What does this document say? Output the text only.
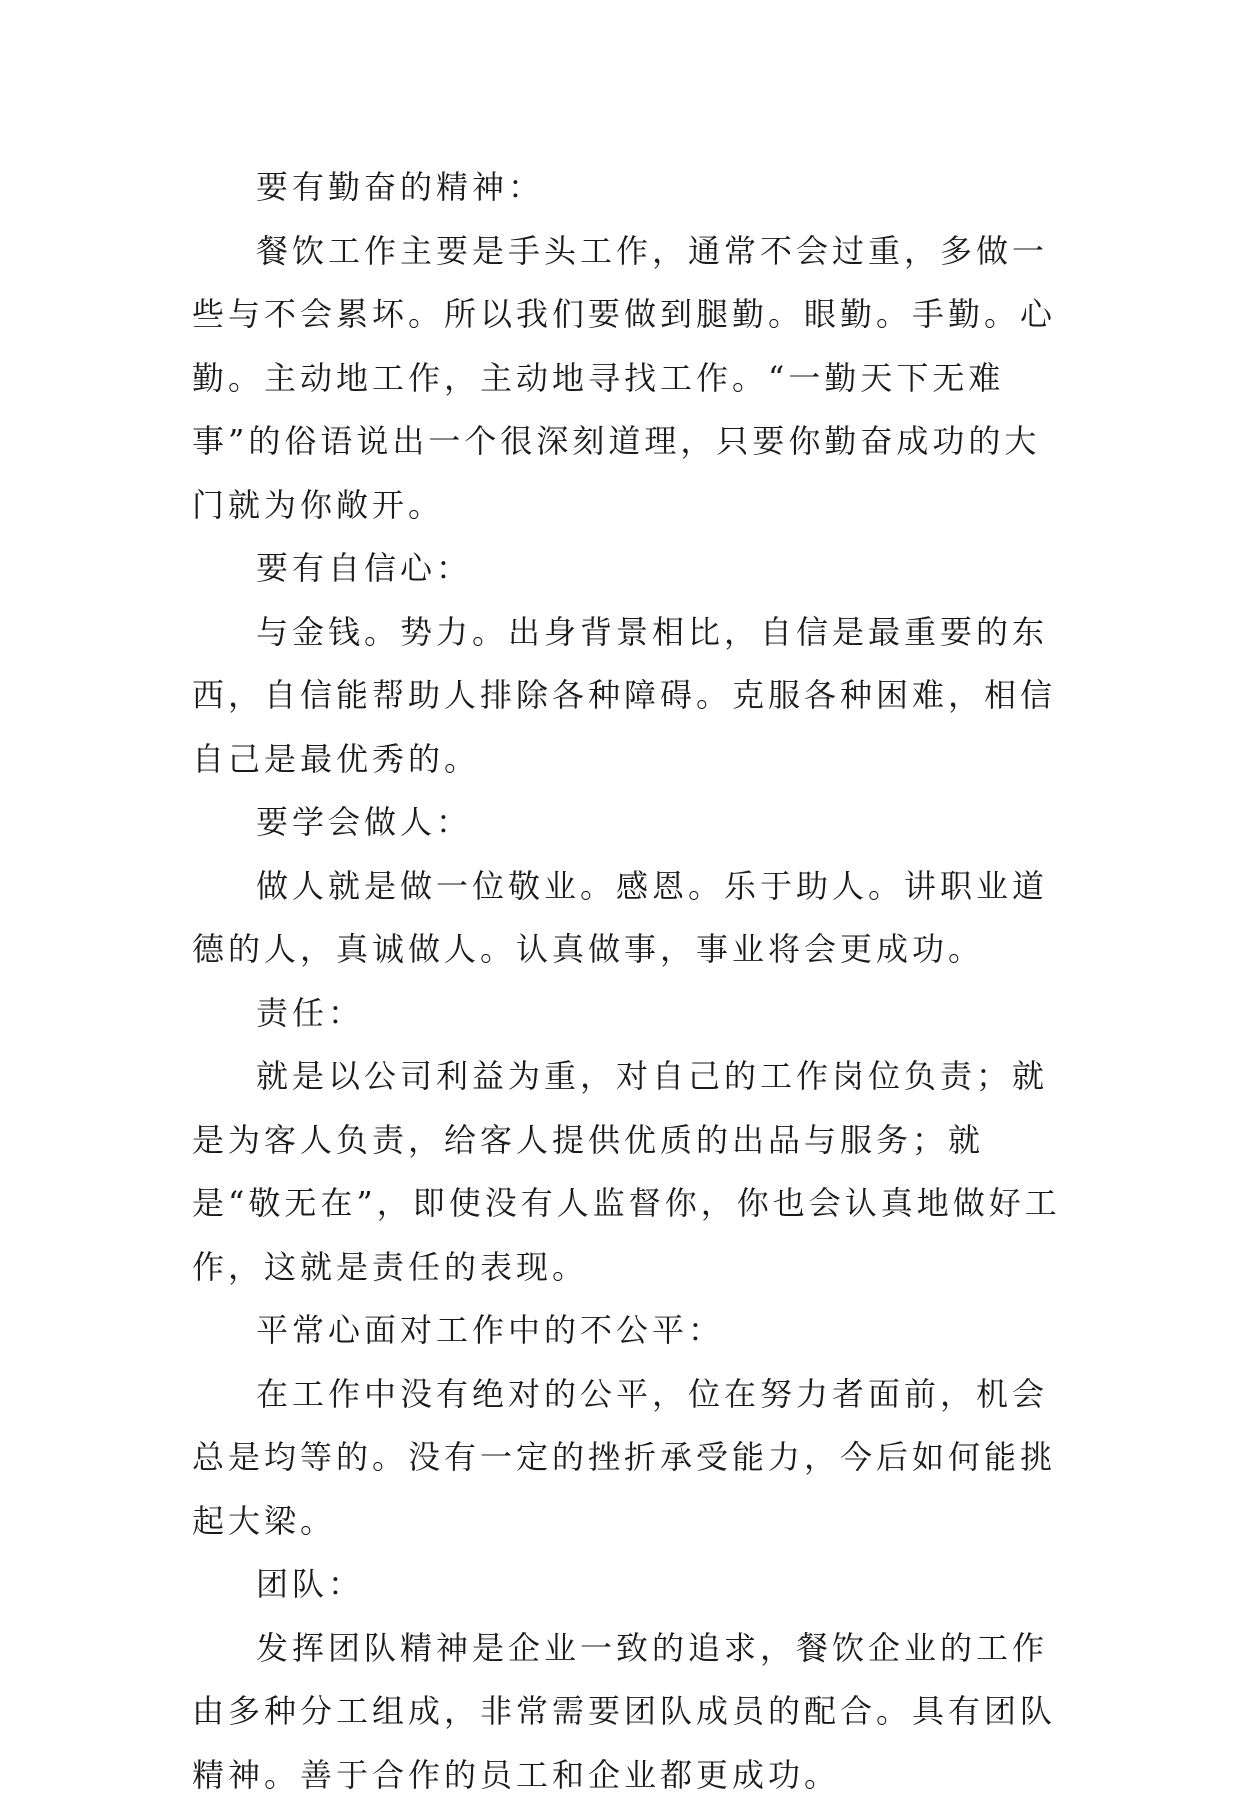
要有勤奋的精神：

餐饮工作主要是手头工作，通常不会过重，多做一些与不会累坏。所以我们要做到腿勤。眼勤。手勤。心勤。主动地工作，主动地寻找工作。“一勤天下无难事”的俗语说出一个很深刻道理，只要你勤奋成功的大门就为你敞开。

要有自信心：

与金钱。势力。出身背景相比，自信是最重要的东西，自信能帮助人排除各种障碍。克服各种困难，相信自己是最优秀的。

要学会做人：

做人就是做一位敬业。感恩。乐于助人。讲职业道德的人，真诚做人。认真做事，事业将会更成功。

责任：

就是以公司利益为重，对自己的工作岗位负责；就是为客人负责，给客人提供优质的出品与服务；就是“敬无在”，即使没有人监督你，你也会认真地做好工作，这就是责任的表现。

平常心面对工作中的不公平：

在工作中没有绝对的公平，位在努力者面前，机会总是均等的。没有一定的挫折承受能力，今后如何能挑起大梁。

团队：

发挥团队精神是企业一致的追求，餐饮企业的工作由多种分工组成，非常需要团队成员的配合。具有团队精神。善于合作的员工和企业都更成功。
